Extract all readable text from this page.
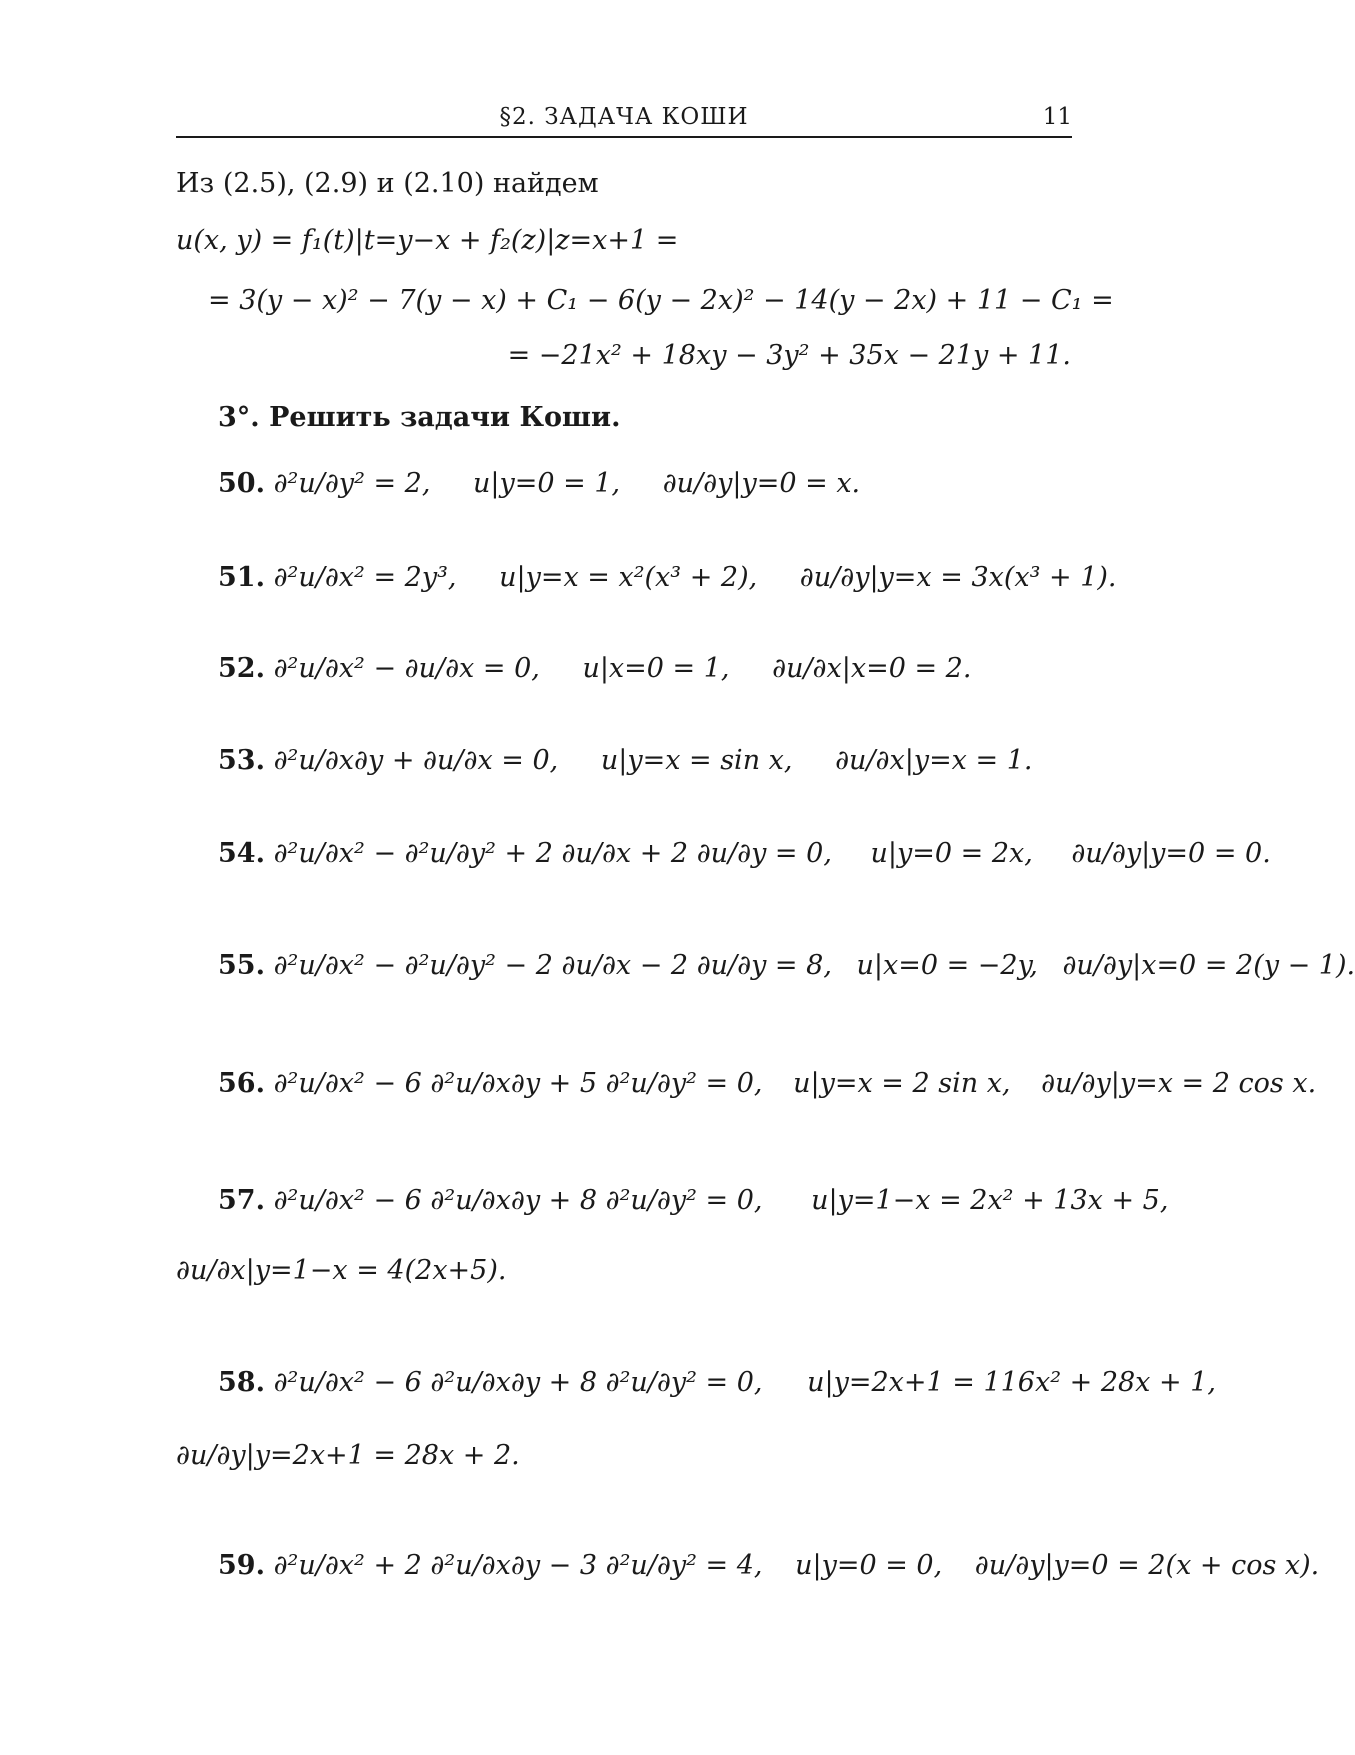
§2. ЗАДАЧА КОШИ	11
Из (2.5), (2.9) и (2.10) найдем
u(x, y) = f₁(t)|t=y−x + f₂(z)|z=x+1 =
= 3(y − x)² − 7(y − x) + C₁ − 6(y − 2x)² − 14(y − 2x) + 11 − C₁ =
= −21x² + 18xy − 3y² + 35x − 21y + 11.
3°. Решить задачи Коши.
50. ∂²u/∂y² = 2, u|y=0 = 1, ∂u/∂y|y=0 = x.
51. ∂²u/∂x² = 2y³, u|y=x = x²(x³ + 2), ∂u/∂y|y=x = 3x(x³ + 1).
52. ∂²u/∂x² − ∂u/∂x = 0, u|x=0 = 1, ∂u/∂x|x=0 = 2.
53. ∂²u/∂x∂y + ∂u/∂x = 0, u|y=x = sin x, ∂u/∂x|y=x = 1.
54. ∂²u/∂x² − ∂²u/∂y² + 2 ∂u/∂x + 2 ∂u/∂y = 0, u|y=0 = 2x, ∂u/∂y|y=0 = 0.
55. ∂²u/∂x² − ∂²u/∂y² − 2 ∂u/∂x − 2 ∂u/∂y = 8, u|x=0 = −2y, ∂u/∂y|x=0 = 2(y − 1).
56. ∂²u/∂x² − 6 ∂²u/∂x∂y + 5 ∂²u/∂y² = 0, u|y=x = 2 sin x, ∂u/∂y|y=x = 2 cos x.
57. ∂²u/∂x² − 6 ∂²u/∂x∂y + 8 ∂²u/∂y² = 0, u|y=1−x = 2x² + 13x + 5,
∂u/∂x|y=1−x = 4(2x+5).
58. ∂²u/∂x² − 6 ∂²u/∂x∂y + 8 ∂²u/∂y² = 0, u|y=2x+1 = 116x² + 28x + 1,
∂u/∂y|y=2x+1 = 28x + 2.
59. ∂²u/∂x² + 2 ∂²u/∂x∂y − 3 ∂²u/∂y² = 4, u|y=0 = 0, ∂u/∂y|y=0 = 2(x + cos x).
